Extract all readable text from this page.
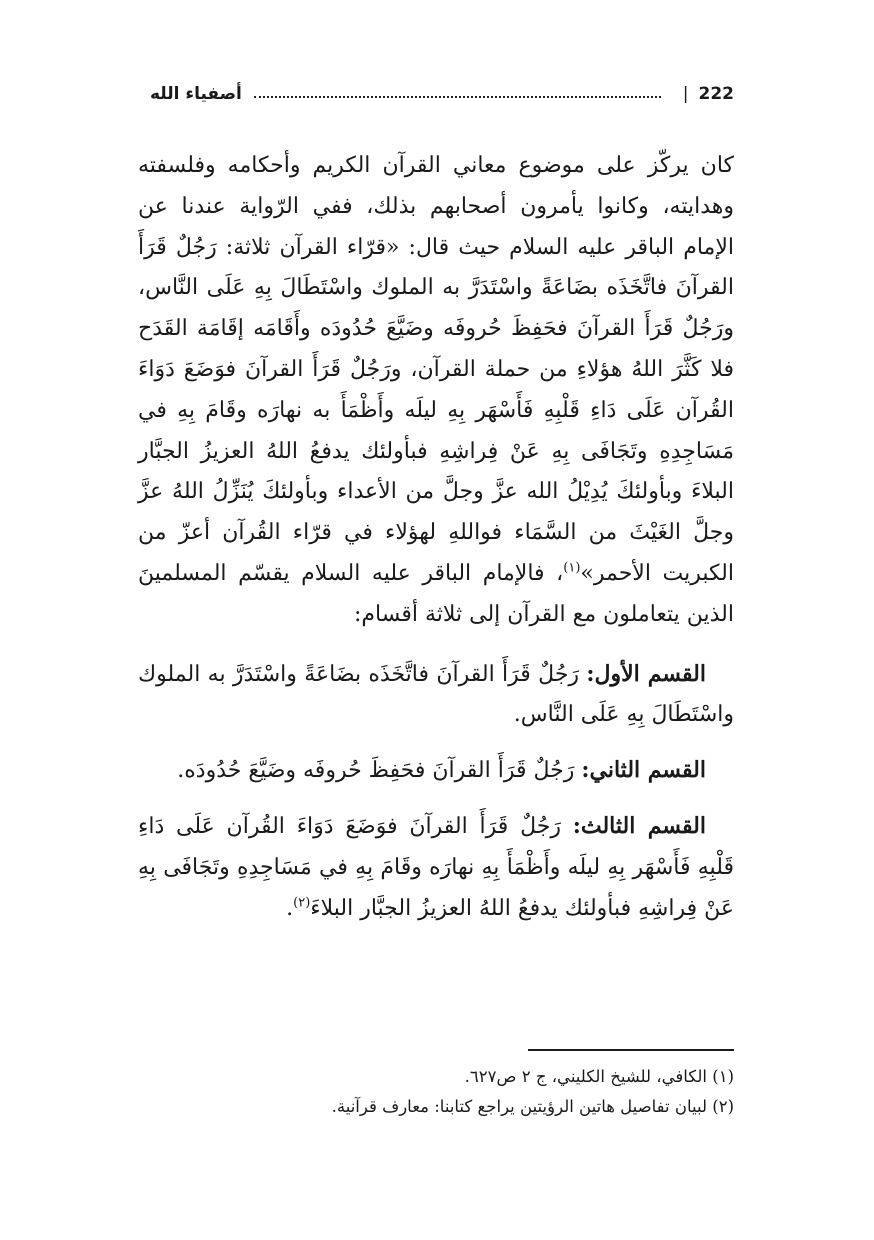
222
|
أصفياء الله

كان يركّز على موضوع معاني القرآن الكريم وأحكامه وفلسفته وهدايته، وكانوا يأمرون أصحابهم بذلك، ففي الرّواية عندنا عن الإمام الباقر عليه السلام حيث قال: «قرّاء القرآن ثلاثة: رَجُلٌ قَرَأَ القرآنَ فاتَّخَذَه بضَاعَةً واسْتَدَرَّ به الملوك واسْتَطَالَ بِهِ عَلَى النَّاس، ورَجُلٌ قَرَأَ القرآنَ فحَفِظَ حُروفَه وضَيَّعَ حُدُودَه وأَقَامَه إقَامَة القَدَح فلا كَثَّرَ اللهُ هؤلاءِ من حملة القرآن، ورَجُلٌ قَرَأَ القرآنَ فوَضَعَ دَوَاءَ القُرآن عَلَى دَاءِ قَلْبِهِ فَأَسْهَر بِهِ ليلَه وأَظْمَأَ به نهارَه وقَامَ بِهِ في مَسَاجِدِهِ وتَجَافَى بِهِ عَنْ فِراشِهِ فبأولئك يدفعُ اللهُ العزيزُ الجبَّار البلاءَ وبأولئكَ يُدِيْلُ الله عزَّ وجلَّ من الأعداء وبأولئكَ يُنَزِّلُ اللهُ عزَّ وجلَّ الغَيْثَ من السَّمَاء فواللهِ لهؤلاء في قرّاء القُرآن أعزّ من الكبريت الأحمر»$^{(١)}$، فالإمام الباقر عليه السلام يقسّم المسلمينَ الذين يتعاملون مع القرآن إلى ثلاثة أقسام:

القسم الأول: رَجُلٌ قَرَأَ القرآنَ فاتَّخَذَه بضَاعَةً واسْتَدَرَّ به الملوك واسْتَطَالَ بِهِ عَلَى النَّاس.

القسم الثاني: رَجُلٌ قَرَأَ القرآنَ فحَفِظَ حُروفَه وضَيَّعَ حُدُودَه.

القسم الثالث: رَجُلٌ قَرَأَ القرآنَ فوَضَعَ دَوَاءَ القُرآن عَلَى دَاءِ قَلْبِهِ فَأَسْهَر بِهِ ليلَه وأَظْمَأَ بِهِ نهارَه وقَامَ بِهِ في مَسَاجِدِهِ وتَجَافَى بِهِ عَنْ فِراشِهِ فبأولئك يدفعُ اللهُ العزيزُ الجبَّار البلاءَ$^{(٢)}$.

(١) الكافي، للشيخ الكليني، ج ٢ ص٦٢٧.
(٢) لبيان تفاصيل هاتين الرؤيتين يراجع كتابنا: معارف قرآنية.
